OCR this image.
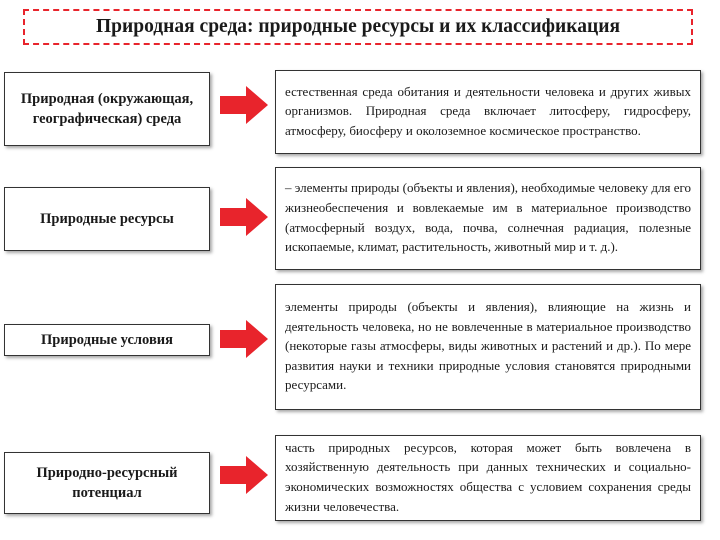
Природная среда: природные ресурсы и их классификация
Природная (окружающая, географическая) среда
естественная среда обитания и деятельности человека и других живых организмов. Природная среда включает литосферу, гидросферу, атмосферу, биосферу и околоземное космическое пространство.
Природные ресурсы
– элементы природы (объекты и явления), необходимые человеку для его жизнеобеспечения и вовлекаемые им в материальное производство (атмосферный воздух, вода, почва, солнечная радиация, полезные ископаемые, климат, растительность, животный мир и т. д.).
Природные условия
элементы природы (объекты и явления), влияющие на жизнь и деятельность человека, но не вовлеченные в материальное производство (некоторые газы атмосферы, виды животных и растений и др.). По мере развития науки и техники природные условия становятся природными ресурсами.
Природно-ресурсный потенциал
часть природных ресурсов, которая может быть вовлечена в хозяйственную деятельность при данных технических и социально-экономических возможностях общества с условием сохранения среды жизни человечества.
